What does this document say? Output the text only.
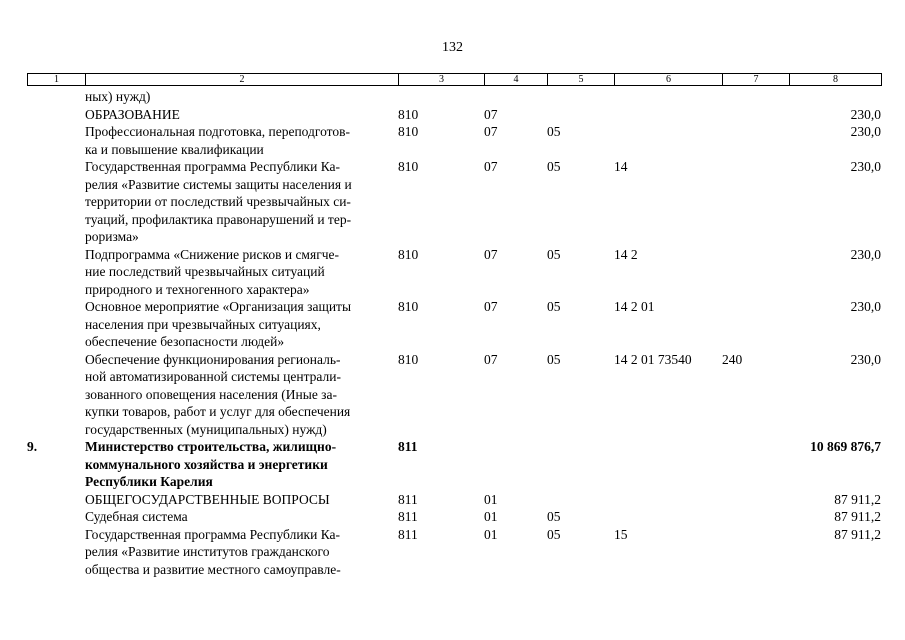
132
1	2	3	4	5	6	7	8

	ных) нужд)						

	ОБРАЗОВАНИЕ	810	07				230,0

	Профессиональная подготовка, переподготов-
ка и повышение квалификации	810	07	05			230,0

	Государственная программа Республики Ка-
релия «Развитие системы защиты населения и
территории от последствий чрезвычайных си-
туаций, профилактика правонарушений и тер-
роризма»	810	07	05	14		230,0

	Подпрограмма «Снижение рисков и смягче-
ние последствий чрезвычайных ситуаций
природного и техногенного характера»	810	07	05	14 2		230,0

	Основное мероприятие «Организация защиты
населения при чрезвычайных ситуациях,
обеспечение безопасности людей»	810	07	05	14 2 01		230,0

	Обеспечение функционирования региональ-
ной автоматизированной системы централи-
зованного оповещения населения (Иные за-
купки товаров, работ и услуг для обеспечения
государственных (муниципальных) нужд)	810	07	05	14 2 01 73540	240	230,0
9.	Министерство строительства, жилищно-
коммунального хозяйства и энергетики
Республики Карелия	811					10 869 876,7

	ОБЩЕГОСУДАРСТВЕННЫЕ ВОПРОСЫ	811	01				87 911,2

	Судебная система	811	01	05			87 911,2

	Государственная программа Республики Ка-
релия «Развитие институтов гражданского
общества и развитие местного самоуправле-	811	01	05	15		87 911,2
